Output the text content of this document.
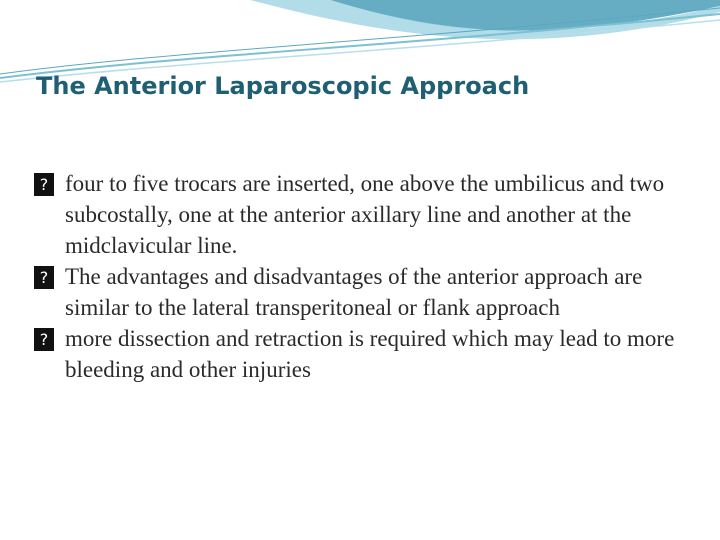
The Anterior Laparoscopic Approach
? four to five trocars are inserted, one above the umbilicus and two subcostally, one at the anterior axillary line and another at the midclavicular line.
? The advantages and disadvantages of the anterior approach are similar to the lateral transperitoneal or flank approach
? more dissection and retraction is required which may lead to more bleeding and other injuries
